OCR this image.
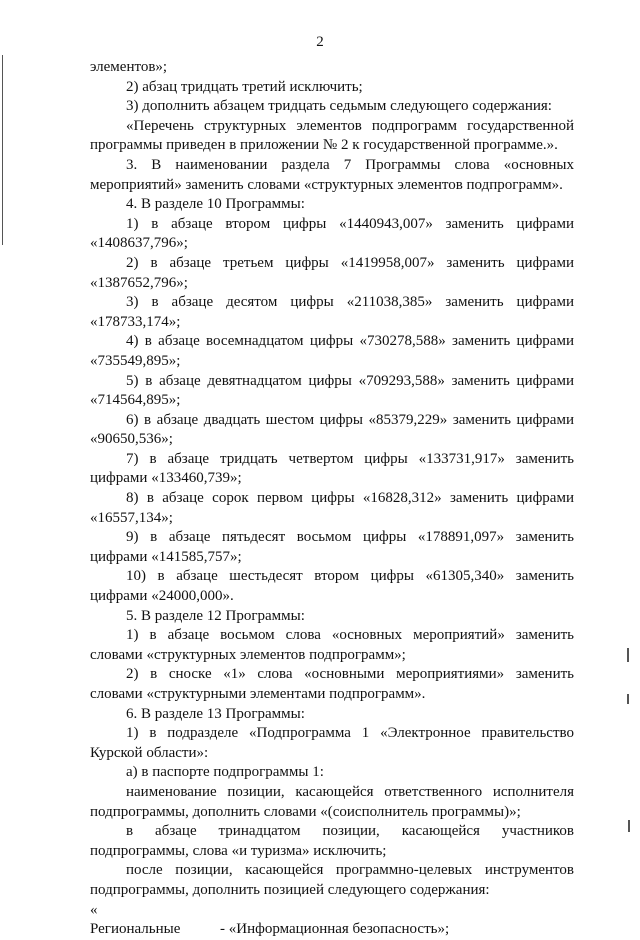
2

элементов»;

2) абзац тридцать третий исключить;

3) дополнить абзацем тридцать седьмым следующего содержания:

«Перечень структурных элементов подпрограмм государственной программы приведен в приложении № 2 к государственной программе.».

3. В наименовании раздела 7 Программы слова «основных мероприятий» заменить словами «структурных элементов подпрограмм».

4. В разделе 10 Программы:

1) в абзаце втором цифры «1440943,007» заменить цифрами «1408637,796»;

2) в абзаце третьем цифры «1419958,007» заменить цифрами «1387652,796»;

3) в абзаце десятом цифры «211038,385» заменить цифрами «178733,174»;

4) в абзаце восемнадцатом цифры «730278,588» заменить цифрами «735549,895»;

5) в абзаце девятнадцатом цифры «709293,588» заменить цифрами «714564,895»;

6) в абзаце двадцать шестом цифры «85379,229» заменить цифрами «90650,536»;

7) в абзаце тридцать четвертом цифры «133731,917» заменить цифрами «133460,739»;

8) в абзаце сорок первом цифры «16828,312» заменить цифрами «16557,134»;

9) в абзаце пятьдесят восьмом цифры «178891,097» заменить цифрами «141585,757»;

10) в абзаце шестьдесят втором цифры «61305,340» заменить цифрами «24000,000».

5. В разделе 12 Программы:

1) в абзаце восьмом слова «основных мероприятий» заменить словами «структурных элементов подпрограмм»;

2) в сноске «1» слова «основными мероприятиями» заменить словами «структурными элементами подпрограмм».

6. В разделе 13 Программы:

1) в подразделе «Подпрограмма 1 «Электронное правительство Курской области»:

а) в паспорте подпрограммы 1:

наименование позиции, касающейся ответственного исполнителя подпрограммы, дополнить словами «(соисполнитель программы)»;

в абзаце тринадцатом позиции, касающейся участников подпрограммы, слова «и туризма» исключить;

после позиции, касающейся программно-целевых инструментов подпрограммы, дополнить позицией следующего содержания:

«

Региональные	- «Информационная безопасность»;
